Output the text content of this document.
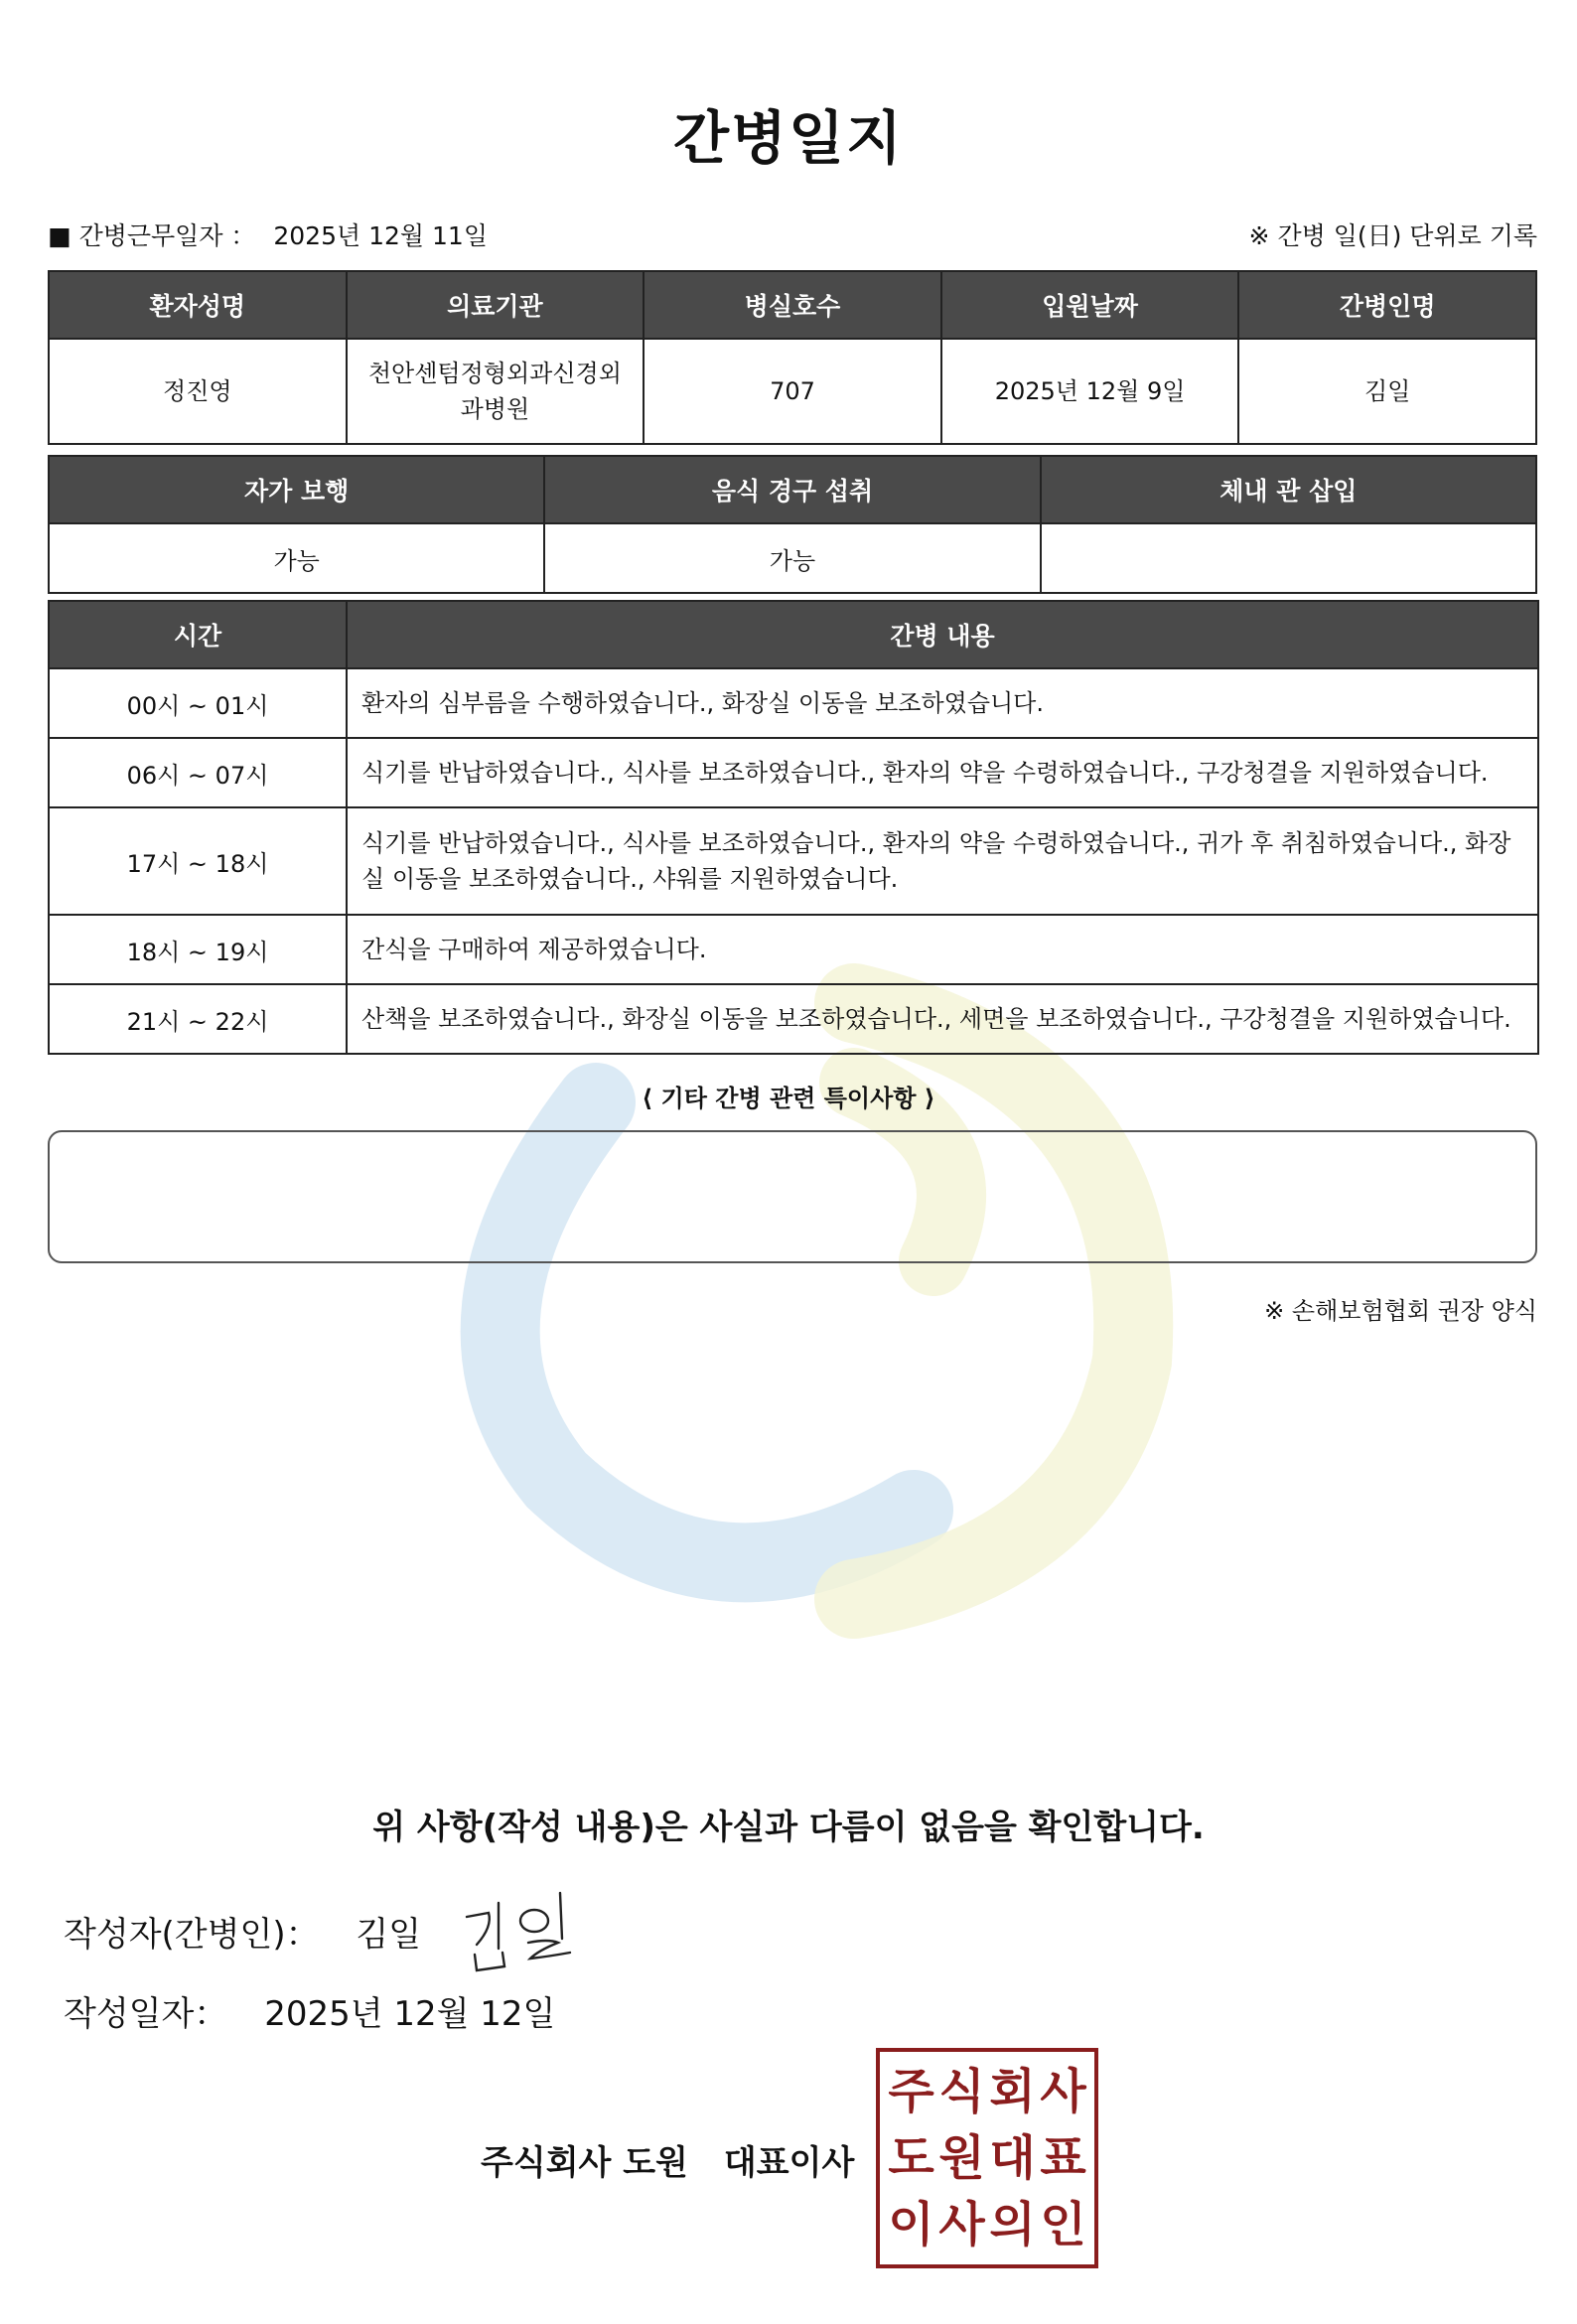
간병일지
■ 간병근무일자 ： 2025년 12월 11일	※ 간병 일(日) 단위로 기록
환자성명	의료기관	병실호수	입원날짜	간병인명
정진영	천안센텀정형외과신경외과병원	707	2025년 12월 9일	김일
자가 보행	음식 경구 섭취	체내 관 삽입
가능	가능	
시간	간병 내용
00시 ~ 01시	환자의 심부름을 수행하였습니다., 화장실 이동을 보조하였습니다.
06시 ~ 07시	식기를 반납하였습니다., 식사를 보조하였습니다., 환자의 약을 수령하였습니다., 구강청결을 지원하였습니다.
17시 ~ 18시	식기를 반납하였습니다., 식사를 보조하였습니다., 환자의 약을 수령하였습니다., 귀가 후 취침하였습니다., 화장실 이동을 보조하였습니다., 샤워를 지원하였습니다.
18시 ~ 19시	간식을 구매하여 제공하였습니다.
21시 ~ 22시	산책을 보조하였습니다., 화장실 이동을 보조하였습니다., 세면을 보조하였습니다., 구강청결을 지원하였습니다.
⟨ 기타 간병 관련 특이사항 ⟩
※ 손해보험협회 권장 양식
위 사항(작성 내용)은 사실과 다름이 없음을 확인합니다.
작성자(간병인)： 김일
작성일자： 2025년 12월 12일
주식회사 도원 대표이사
주 식 회 사
도 원 대 표
이 사 의 인
